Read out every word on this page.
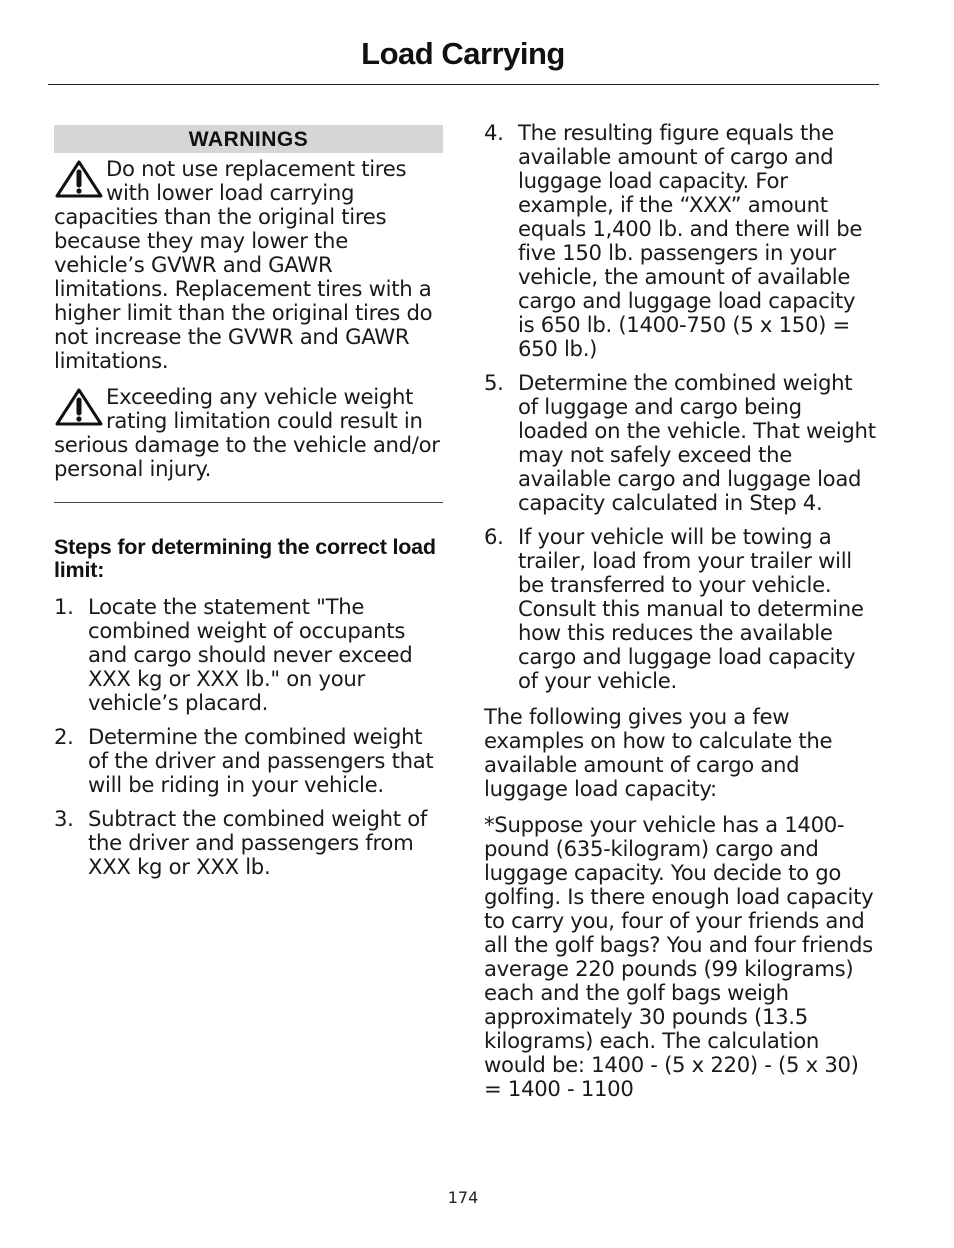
Load Carrying
WARNINGS
Do not use replacement tires with lower load carrying capacities than the original tires because they may lower the vehicle’s GVWR and GAWR limitations. Replacement tires with a higher limit than the original tires do not increase the GVWR and GAWR limitations.
Exceeding any vehicle weight rating limitation could result in serious damage to the vehicle and/or personal injury.
Steps for determining the correct load limit:
1. Locate the statement "The combined weight of occupants and cargo should never exceed XXX kg or XXX lb." on your vehicle’s placard.
2. Determine the combined weight of the driver and passengers that will be riding in your vehicle.
3. Subtract the combined weight of the driver and passengers from XXX kg or XXX lb.
4. The resulting figure equals the available amount of cargo and luggage load capacity. For example, if the “XXX” amount equals 1,400 lb. and there will be five 150 lb. passengers in your vehicle, the amount of available cargo and luggage load capacity is 650 lb. (1400-750 (5 x 150) = 650 lb.)
5. Determine the combined weight of luggage and cargo being loaded on the vehicle. That weight may not safely exceed the available cargo and luggage load capacity calculated in Step 4.
6. If your vehicle will be towing a trailer, load from your trailer will be transferred to your vehicle. Consult this manual to determine how this reduces the available cargo and luggage load capacity of your vehicle.
The following gives you a few examples on how to calculate the available amount of cargo and luggage load capacity:
*Suppose your vehicle has a 1400-pound (635-kilogram) cargo and luggage capacity. You decide to go golfing. Is there enough load capacity to carry you, four of your friends and all the golf bags? You and four friends average 220 pounds (99 kilograms) each and the golf bags weigh approximately 30 pounds (13.5 kilograms) each. The calculation would be: 1400 - (5 x 220) - (5 x 30) = 1400 - 1100
174
